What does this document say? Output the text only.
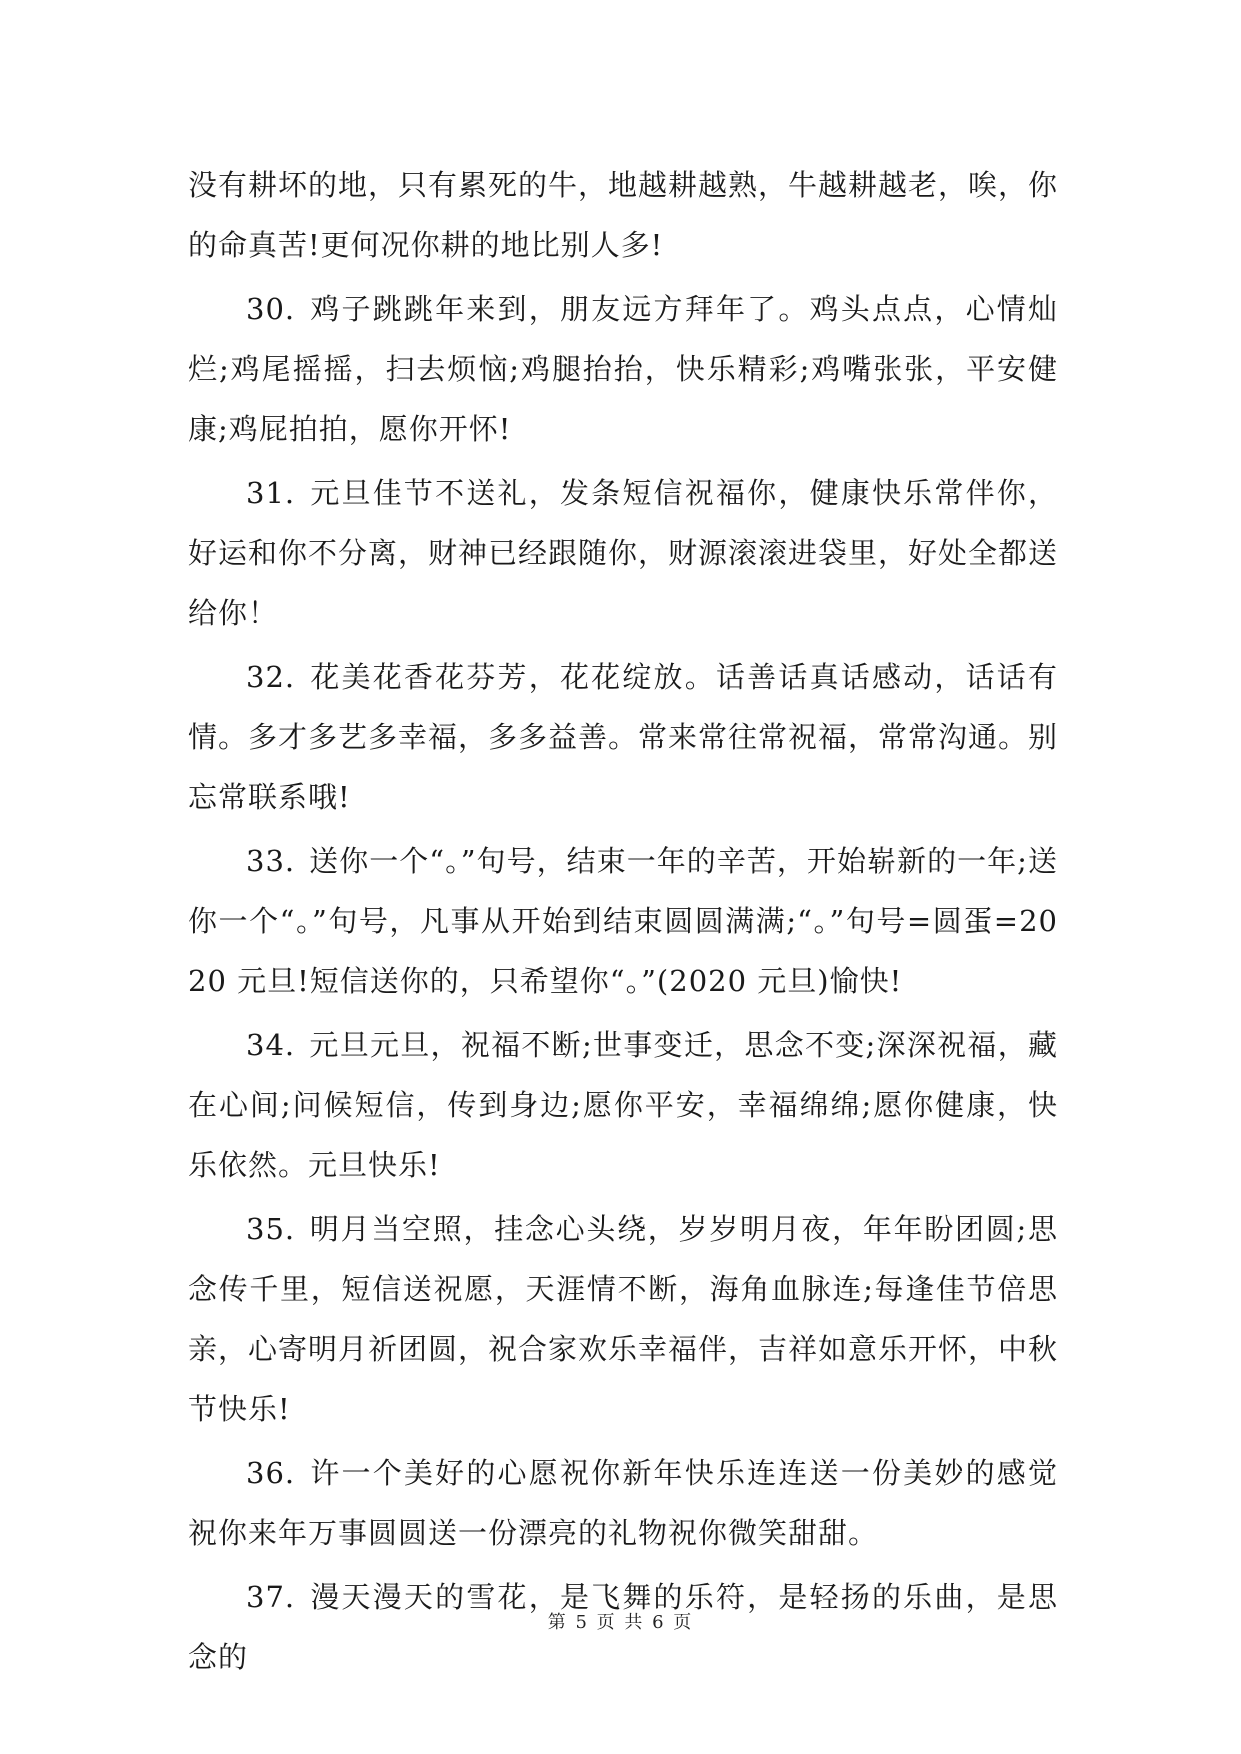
没有耕坏的地，只有累死的牛，地越耕越熟，牛越耕越老，唉，你的命真苦!更何况你耕的地比别人多!

30. 鸡子跳跳年来到，朋友远方拜年了。鸡头点点，心情灿烂;鸡尾摇摇，扫去烦恼;鸡腿抬抬，快乐精彩;鸡嘴张张，平安健康;鸡屁拍拍，愿你开怀!

31. 元旦佳节不送礼，发条短信祝福你，健康快乐常伴你，好运和你不分离，财神已经跟随你，财源滚滚进袋里，好处全都送给你！

32. 花美花香花芬芳，花花绽放。话善话真话感动，话话有情。多才多艺多幸福，多多益善。常来常往常祝福，常常沟通。别忘常联系哦!

33. 送你一个“。”句号，结束一年的辛苦，开始崭新的一年;送你一个“。”句号，凡事从开始到结束圆圆满满;“。”句号=圆蛋=2020 元旦!短信送你的，只希望你“。”(2020 元旦)愉快!

34. 元旦元旦，祝福不断;世事变迁，思念不变;深深祝福，藏在心间;问候短信，传到身边;愿你平安，幸福绵绵;愿你健康，快乐依然。元旦快乐!

35. 明月当空照，挂念心头绕，岁岁明月夜，年年盼团圆;思念传千里，短信送祝愿，天涯情不断，海角血脉连;每逢佳节倍思亲，心寄明月祈团圆，祝合家欢乐幸福伴，吉祥如意乐开怀，中秋节快乐!

36. 许一个美好的心愿祝你新年快乐连连送一份美妙的感觉祝你来年万事圆圆送一份漂亮的礼物祝你微笑甜甜。

37. 漫天漫天的雪花，是飞舞的乐符，是轻扬的乐曲，是思念的

第 5 页 共 6 页
